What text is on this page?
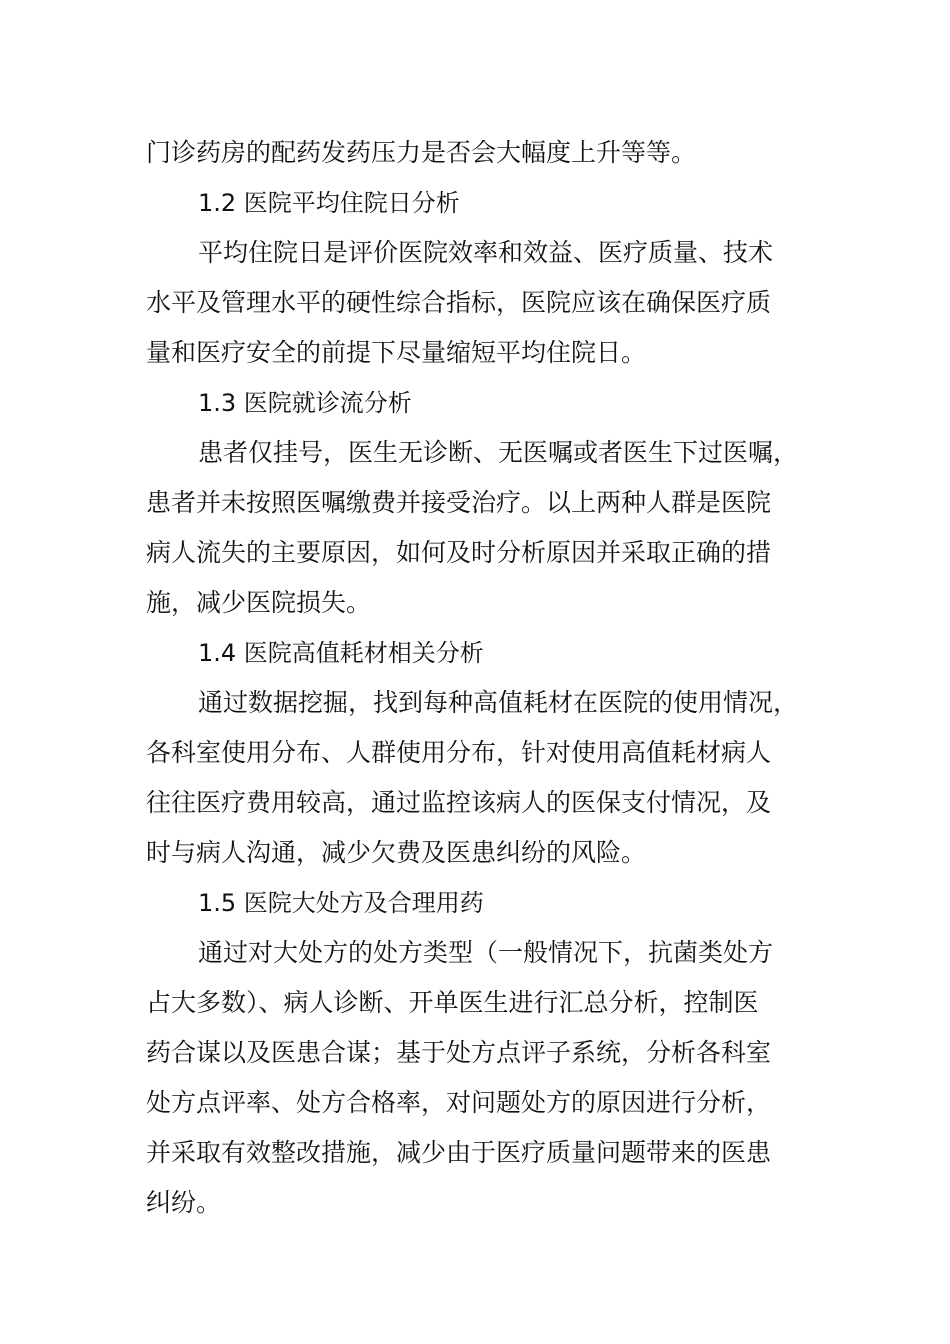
门诊药房的配药发药压力是否会大幅度上升等等。
1.2 医院平均住院日分析
平均住院日是评价医院效率和效益、医疗质量、技术
水平及管理水平的硬性综合指标，医院应该在确保医疗质
量和医疗安全的前提下尽量缩短平均住院日。
1.3 医院就诊流分析
患者仅挂号，医生无诊断、无医嘱或者医生下过医嘱，
患者并未按照医嘱缴费并接受治疗。以上两种人群是医院
病人流失的主要原因，如何及时分析原因并采取正确的措
施，减少医院损失。
1.4 医院高值耗材相关分析
通过数据挖掘，找到每种高值耗材在医院的使用情况，
各科室使用分布、人群使用分布，针对使用高值耗材病人
往往医疗费用较高，通过监控该病人的医保支付情况，及
时与病人沟通，减少欠费及医患纠纷的风险。
1.5 医院大处方及合理用药
通过对大处方的处方类型（一般情况下，抗菌类处方
占大多数）、病人诊断、开单医生进行汇总分析，控制医
药合谋以及医患合谋；基于处方点评子系统，分析各科室
处方点评率、处方合格率，对问题处方的原因进行分析，
并采取有效整改措施，减少由于医疗质量问题带来的医患
纠纷。
